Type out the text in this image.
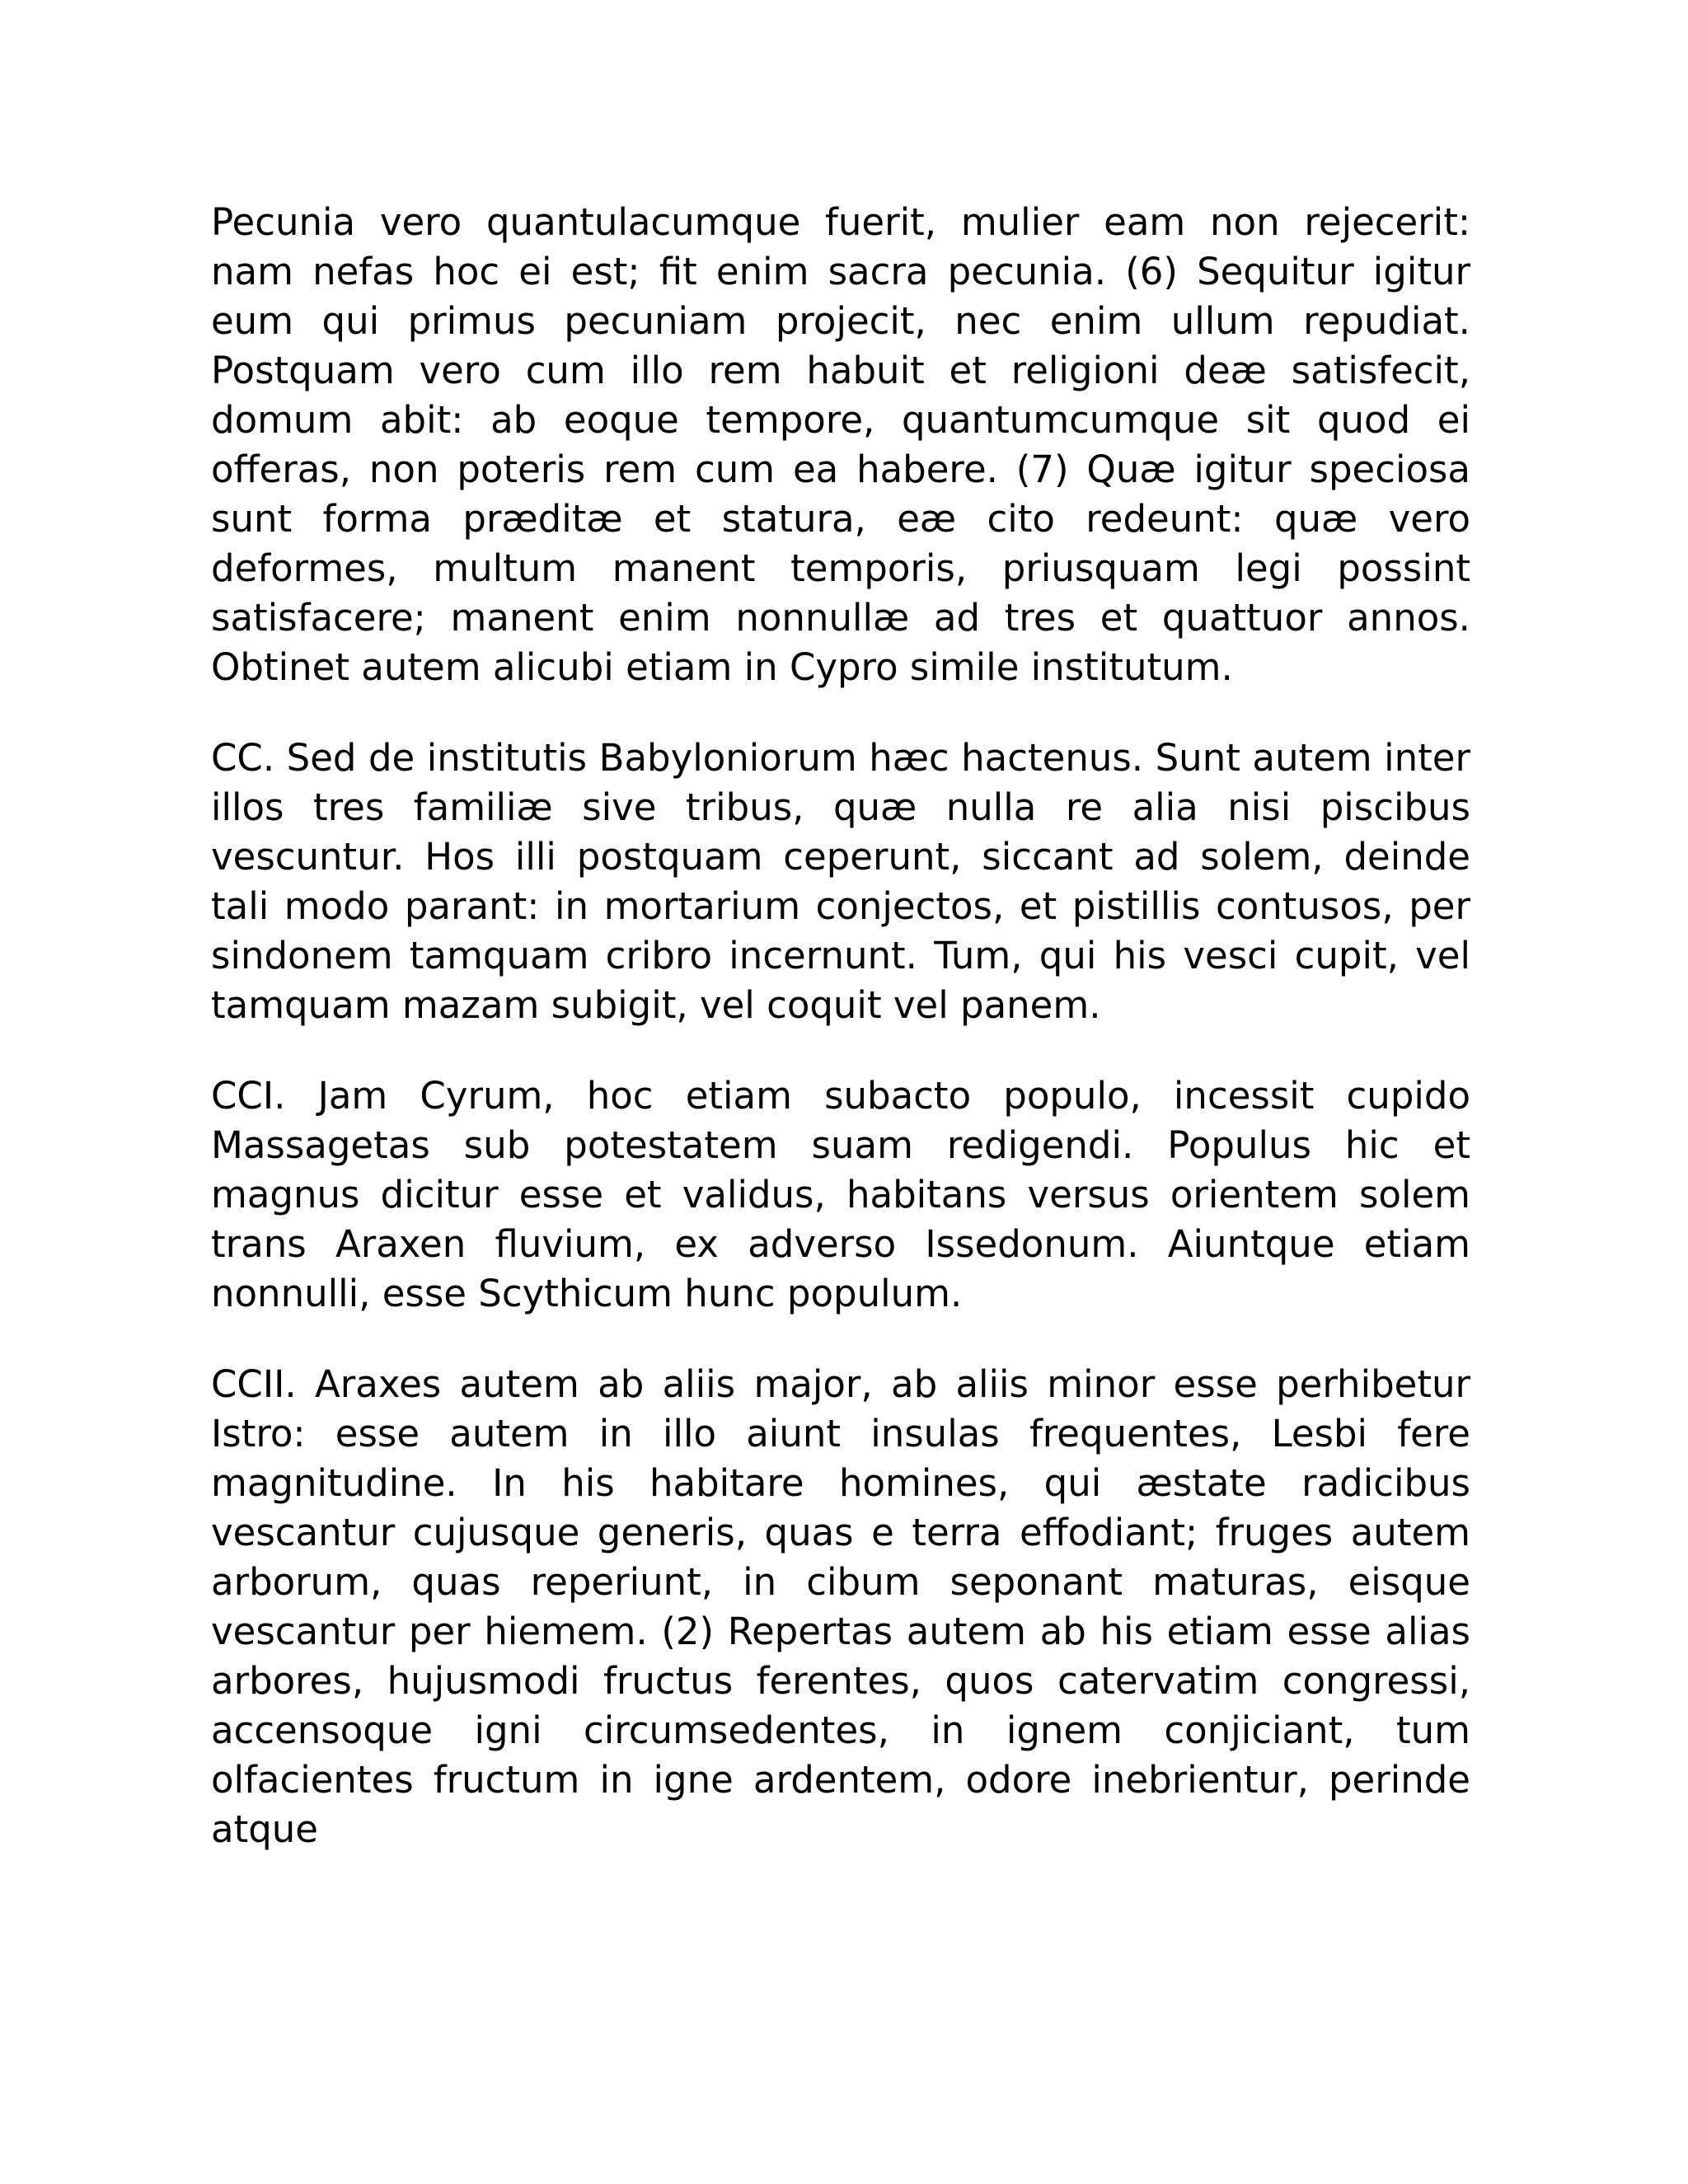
Pecunia vero quantulacumque fuerit, mulier eam non rejecerit: nam nefas hoc ei est; fit enim sacra pecunia. (6) Sequitur igitur eum qui primus pecuniam projecit, nec enim ullum repudiat. Postquam vero cum illo rem habuit et religioni deæ satisfecit, domum abit: ab eoque tempore, quantumcumque sit quod ei offeras, non poteris rem cum ea habere. (7) Quæ igitur speciosa sunt forma præditæ et statura, eæ cito redeunt: quæ vero deformes, multum manent temporis, priusquam legi possint satisfacere; manent enim nonnullæ ad tres et quattuor annos. Obtinet autem alicubi etiam in Cypro simile institutum.

CC. Sed de institutis Babyloniorum hæc hactenus. Sunt autem inter illos tres familiæ sive tribus, quæ nulla re alia nisi piscibus vescuntur. Hos illi postquam ceperunt, siccant ad solem, deinde tali modo parant: in mortarium conjectos, et pistillis contusos, per sindonem tamquam cribro incernunt. Tum, qui his vesci cupit, vel tamquam mazam subigit, vel coquit vel panem.

CCI. Jam Cyrum, hoc etiam subacto populo, incessit cupido Massagetas sub potestatem suam redigendi. Populus hic et magnus dicitur esse et validus, habitans versus orientem solem trans Araxen fluvium, ex adverso Issedonum. Aiuntque etiam nonnulli, esse Scythicum hunc populum.

CCII. Araxes autem ab aliis major, ab aliis minor esse perhibetur Istro: esse autem in illo aiunt insulas frequentes, Lesbi fere magnitudine. In his habitare homines, qui æstate radicibus vescantur cujusque generis, quas e terra effodiant; fruges autem arborum, quas reperiunt, in cibum seponant maturas, eisque vescantur per hiemem. (2) Repertas autem ab his etiam esse alias arbores, hujusmodi fructus ferentes, quos catervatim congressi, accensoque igni circumsedentes, in ignem conjiciant, tum olfacientes fructum in igne ardentem, odore inebrientur, perinde atque
